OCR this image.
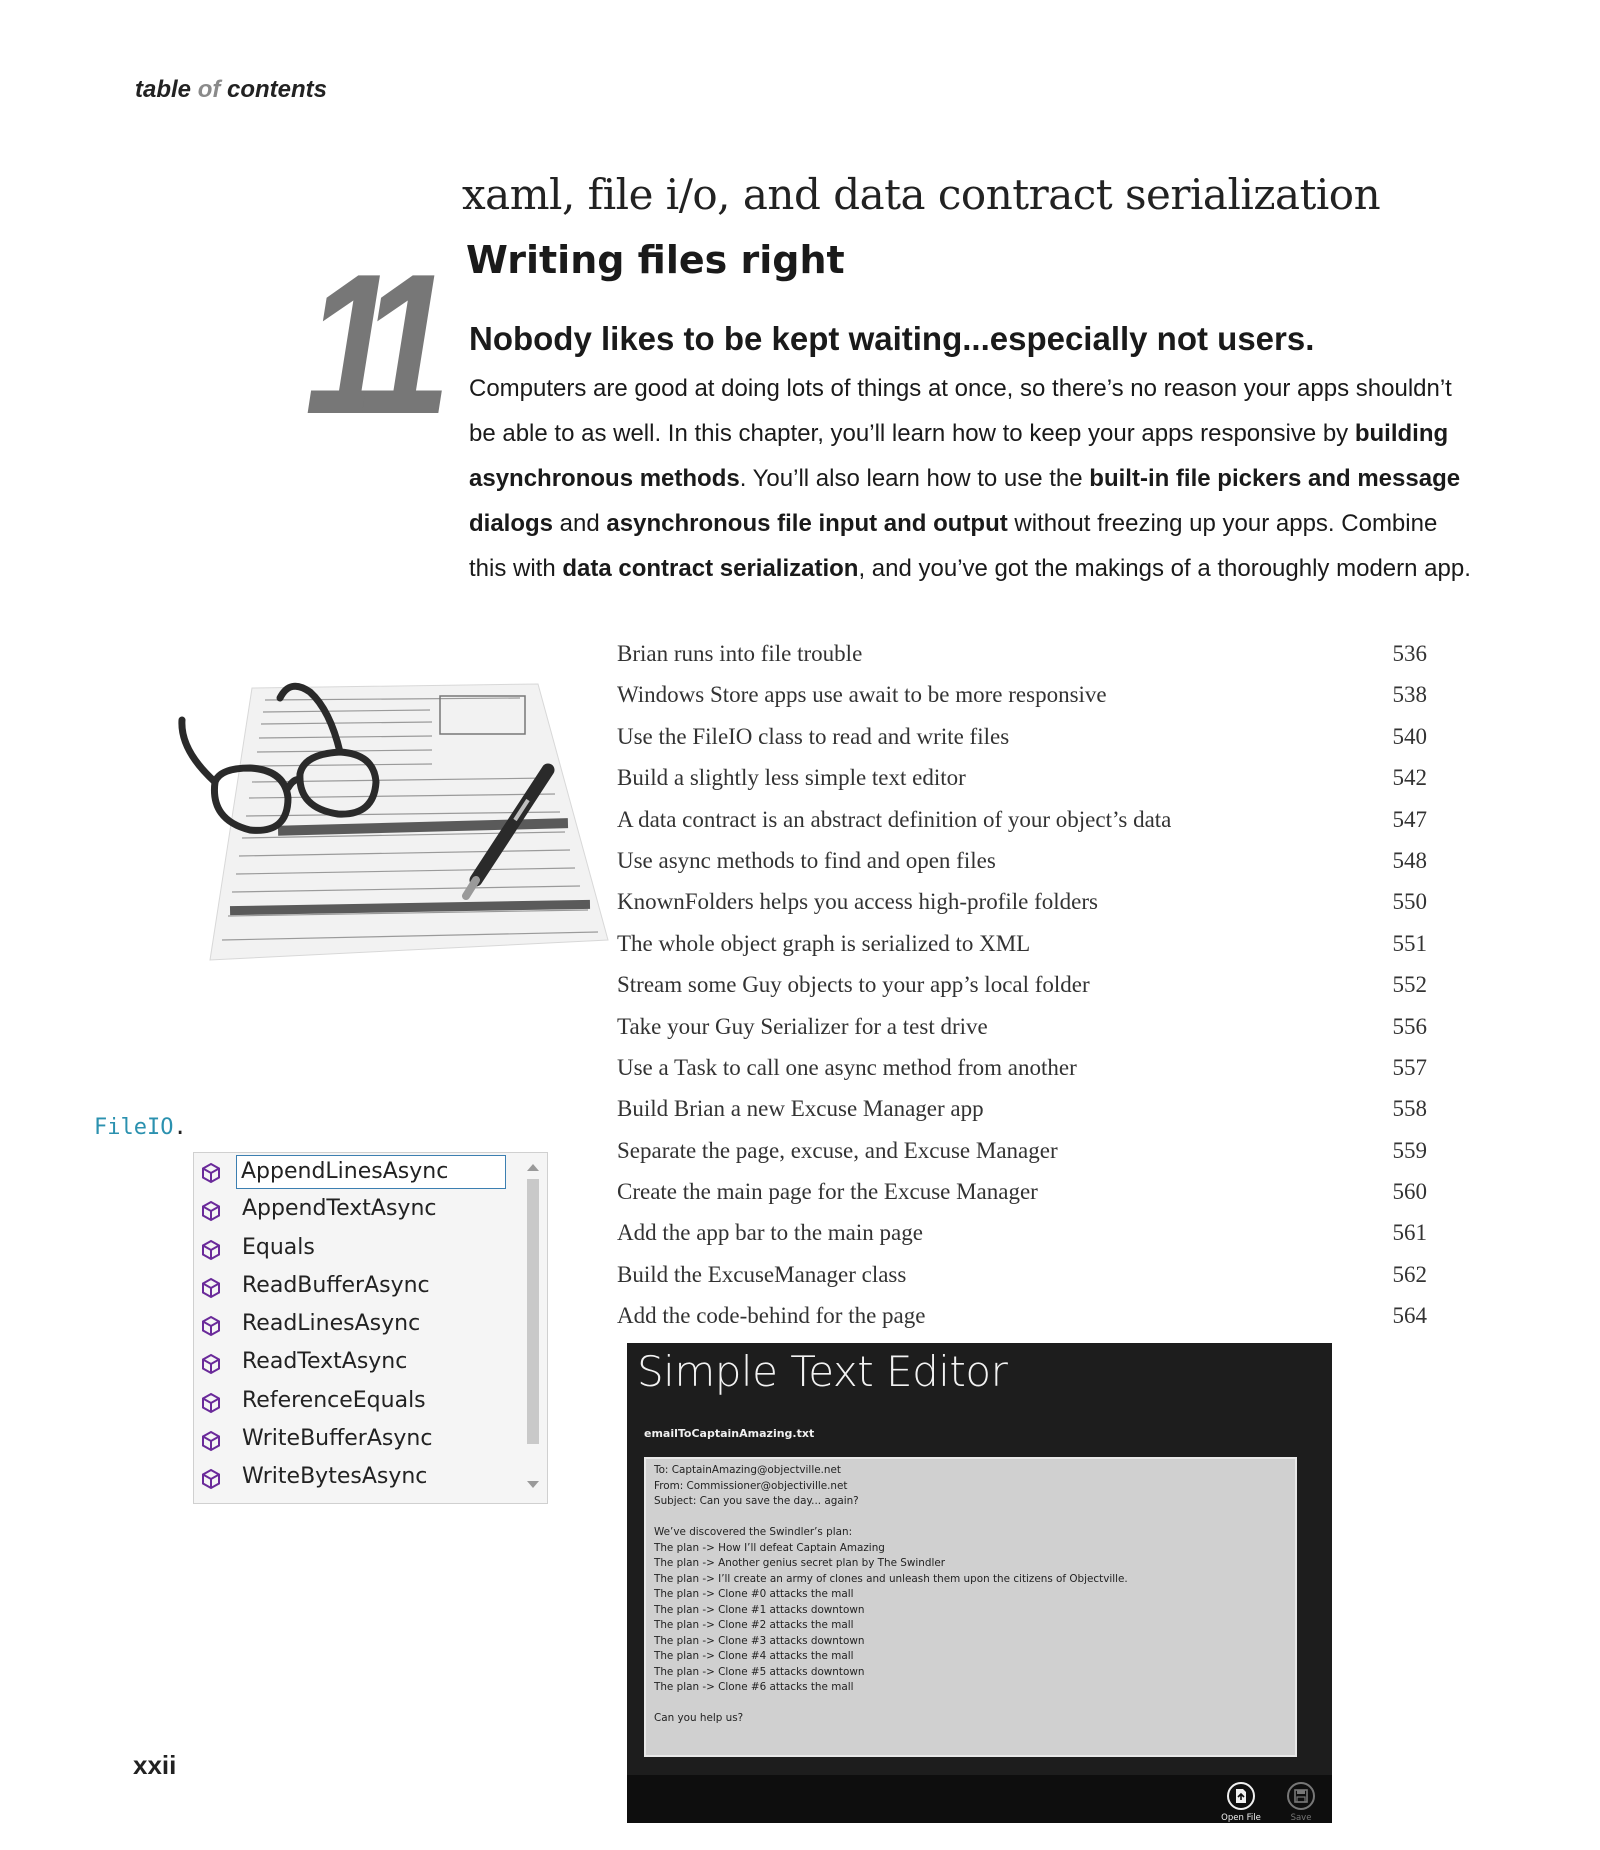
table of contents
11
xaml, file i/o, and data contract serialization
Writing files right
Nobody likes to be kept waiting...especially not users.
Computers are good at doing lots of things at once, so there’s no reason your apps shouldn’t be able to as well. In this chapter, you’ll learn how to keep your apps responsive by building asynchronous methods. You’ll also learn how to use the built-in file pickers and message dialogs and asynchronous file input and output without freezing up your apps. Combine this with data contract serialization, and you’ve got the makings of a thoroughly modern app.
Brian runs into file trouble	536
Windows Store apps use await to be more responsive	538
Use the FileIO class to read and write files	540
Build a slightly less simple text editor	542
A data contract is an abstract definition of your object’s data	547
Use async methods to find and open files	548
KnownFolders helps you access high-profile folders	550
The whole object graph is serialized to XML	551
Stream some Guy objects to your app’s local folder	552
Take your Guy Serializer for a test drive	556
Use a Task to call one async method from another	557
Build Brian a new Excuse Manager app	558
Separate the page, excuse, and Excuse Manager	559
Create the main page for the Excuse Manager	560
Add the app bar to the main page	561
Build the ExcuseManager class	562
Add the code-behind for the page	564
FileIO.
AppendLinesAsync
AppendTextAsync
Equals
ReadBufferAsync
ReadLinesAsync
ReadTextAsync
ReferenceEquals
WriteBufferAsync
WriteBytesAsync
Simple Text Editor
emailToCaptainAmazing.txt
To: CaptainAmazing@objectville.net
From: Commissioner@objectiville.net
Subject: Can you save the day... again?
We’ve discovered the Swindler’s plan:
The plan -> How I’ll defeat Captain Amazing
The plan -> Another genius secret plan by The Swindler
The plan -> I’ll create an army of clones and unleash them upon the citizens of Objectville.
The plan -> Clone #0 attacks the mall
The plan -> Clone #1 attacks downtown
The plan -> Clone #2 attacks the mall
The plan -> Clone #3 attacks downtown
The plan -> Clone #4 attacks the mall
The plan -> Clone #5 attacks downtown
The plan -> Clone #6 attacks the mall
Can you help us?
Open File	Save
xxii
